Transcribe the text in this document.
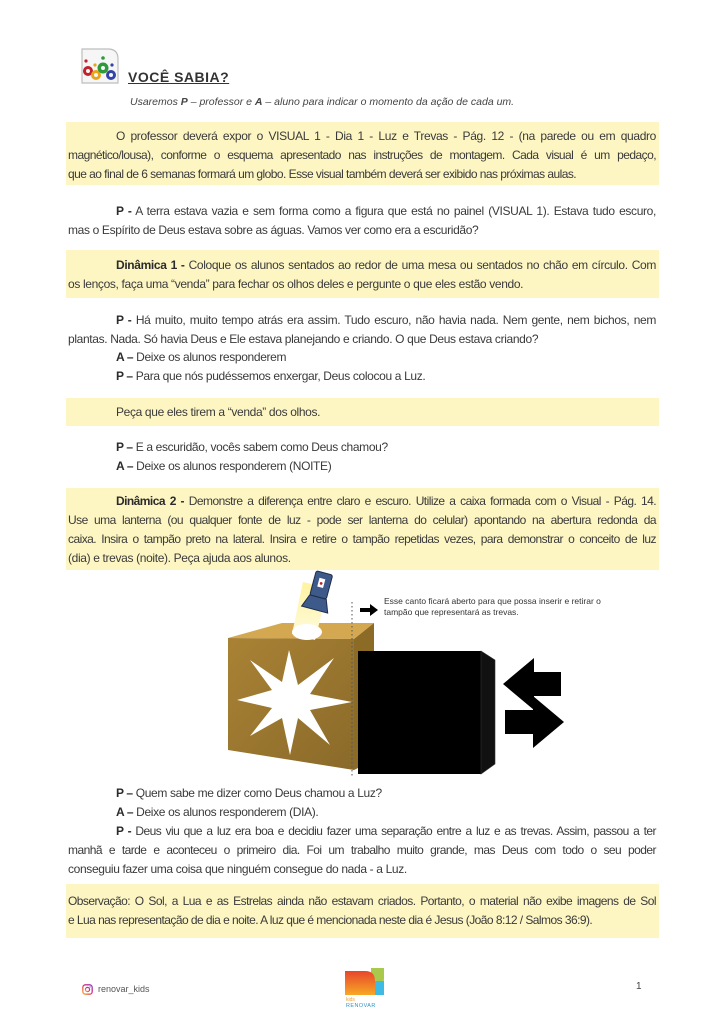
VOCÊ SABIA?
Usaremos P – professor e A – aluno para indicar o momento da ação de cada um.
O professor deverá expor o VISUAL 1 - Dia 1 - Luz e Trevas - Pág. 12 - (na parede ou em quadro
magnético/lousa), conforme o esquema apresentado nas instruções de montagem. Cada visual é um pedaço,
que ao final de 6 semanas formará um globo. Esse visual também deverá ser exibido nas próximas aulas.
P - A terra estava vazia e sem forma como a figura que está no painel (VISUAL 1). Estava tudo escuro,
mas o Espírito de Deus estava sobre as águas. Vamos ver como era a escuridão?
Dinâmica 1 - Coloque os alunos sentados ao redor de uma mesa ou sentados no chão em círculo. Com
os lenços, faça uma “venda” para fechar os olhos deles e pergunte o que eles estão vendo.
P - Há muito, muito tempo atrás era assim. Tudo escuro, não havia nada. Nem gente, nem bichos, nem
plantas. Nada. Só havia Deus e Ele estava planejando e criando. O que Deus estava criando?
A – Deixe os alunos responderem
P – Para que nós pudéssemos enxergar, Deus colocou a Luz.
Peça que eles tirem a “venda” dos olhos.
P – E a escuridão, vocês sabem como Deus chamou?
A – Deixe os alunos responderem (NOITE)
Dinâmica 2 - Demonstre a diferença entre claro e escuro. Utilize a caixa formada com o Visual - Pág. 14.
Use uma lanterna (ou qualquer fonte de luz - pode ser lanterna do celular) apontando na abertura redonda da
caixa. Insira o tampão preto na lateral. Insira e retire o tampão repetidas vezes, para demonstrar o conceito de luz
(dia) e trevas (noite). Peça ajuda aos alunos.
Esse canto ficará aberto para que possa inserir e retirar o tampão que representará as trevas.
P – Quem sabe me dizer como Deus chamou a Luz?
A – Deixe os alunos responderem (DIA).
P - Deus viu que a luz era boa e decidiu fazer uma separação entre a luz e as trevas. Assim, passou a ter
manhã e tarde e aconteceu o primeiro dia. Foi um trabalho muito grande, mas Deus com todo o seu poder
conseguiu fazer uma coisa que ninguém consegue do nada - a Luz.
Observação: O Sol, a Lua e as Estrelas ainda não estavam criados. Portanto, o material não exibe imagens de Sol
e Lua nas representação de dia e noite. A luz que é mencionada neste dia é Jesus (João 8:12 / Salmos 36:9).
renovar_kids
kids
RENOVAR
1
